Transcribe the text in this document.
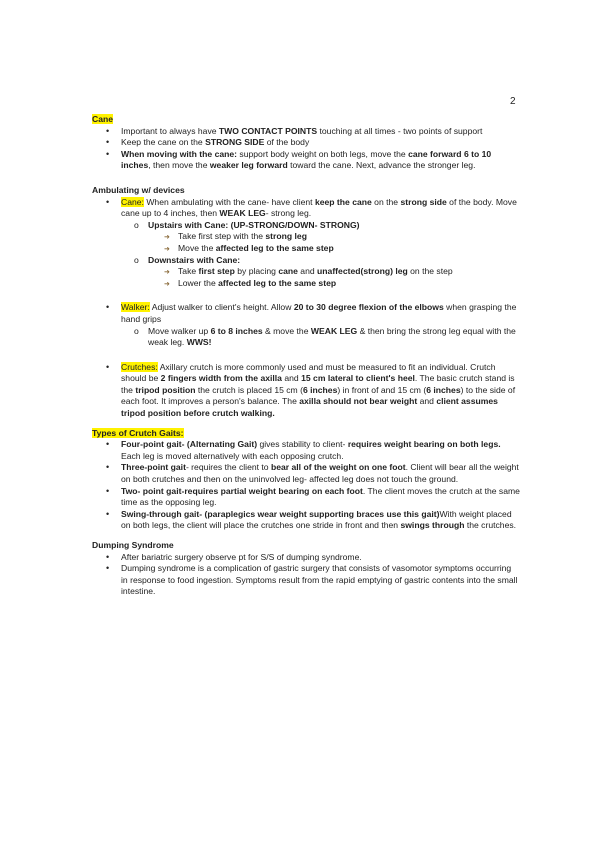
2
Cane
• Important to always have TWO CONTACT POINTS touching at all times - two points of support
• Keep the cane on the STRONG SIDE of the body
• When moving with the cane: support body weight on both legs, move the cane forward 6 to 10 inches, then move the weaker leg forward toward the cane. Next, advance the stronger leg.
Ambulating w/ devices
• Cane: When ambulating with the cane- have client keep the cane on the strong side of the body. Move cane up to 4 inches, then WEAK LEG- strong leg.
o Upstairs with Cane: (UP-STRONG/DOWN- STRONG)
➜ Take first step with the strong leg
➜ Move the affected leg to the same step
o Downstairs with Cane:
➜ Take first step by placing cane and unaffected(strong) leg on the step
➜ Lower the affected leg to the same step
• Walker: Adjust walker to client's height. Allow 20 to 30 degree flexion of the elbows when grasping the hand grips
o Move walker up 6 to 8 inches & move the WEAK LEG & then bring the strong leg equal with the weak leg. WWS!
• Crutches: Axillary crutch is more commonly used and must be measured to fit an individual. Crutch should be 2 fingers width from the axilla and 15 cm lateral to client's heel. The basic crutch stand is the tripod position the crutch is placed 15 cm (6 inches) in front of and 15 cm (6 inches) to the side of each foot. It improves a person's balance. The axilla should not bear weight and client assumes tripod position before crutch walking.
Types of Crutch Gaits:
• Four-point gait- (Alternating Gait) gives stability to client- requires weight bearing on both legs. Each leg is moved alternatively with each opposing crutch.
• Three-point gait- requires the client to bear all of the weight on one foot. Client will bear all the weight on both crutches and then on the uninvolved leg- affected leg does not touch the ground.
• Two- point gait-requires partial weight bearing on each foot. The client moves the crutch at the same time as the opposing leg.
• Swing-through gait- (paraplegics wear weight supporting braces use this gait)With weight placed on both legs, the client will place the crutches one stride in front and then swings through the crutches.
Dumping Syndrome
• After bariatric surgery observe pt for S/S of dumping syndrome.
• Dumping syndrome is a complication of gastric surgery that consists of vasomotor symptoms occurring in response to food ingestion. Symptoms result from the rapid emptying of gastric contents into the small intestine.
